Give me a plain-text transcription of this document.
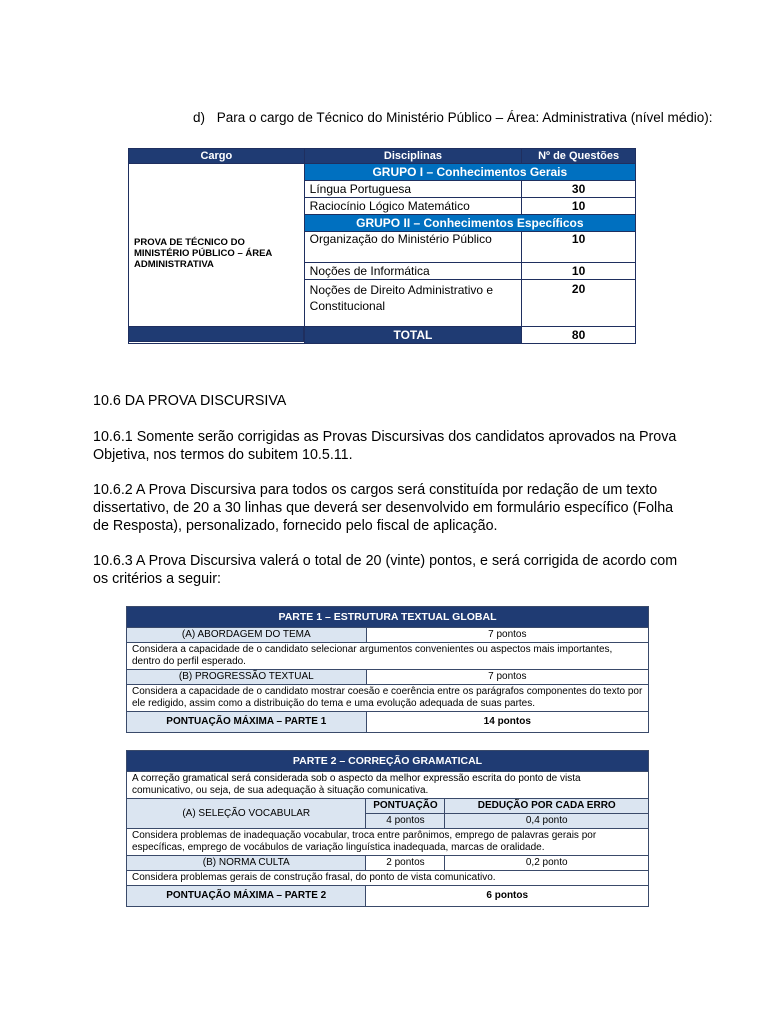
d) Para o cargo de Técnico do Ministério Público – Área: Administrativa (nível médio):
Cargo	Disciplinas	Nº de Questões
PROVA DE TÉCNICO DO MINISTÉRIO PÚBLICO – ÁREA ADMINISTRATIVA	GRUPO I – Conhecimentos Gerais	
	Língua Portuguesa	30
	Raciocínio Lógico Matemático	10
	GRUPO II – Conhecimentos Específicos	
	Organização do Ministério Público	10
	Noções de Informática	10
	Noções de Direito Administrativo e Constitucional	20
	TOTAL	80
10.6 DA PROVA DISCURSIVA
10.6.1 Somente serão corrigidas as Provas Discursivas dos candidatos aprovados na Prova Objetiva, nos termos do subitem 10.5.11.
10.6.2 A Prova Discursiva para todos os cargos será constituída por redação de um texto dissertativo, de 20 a 30 linhas que deverá ser desenvolvido em formulário específico (Folha de Resposta), personalizado, fornecido pelo fiscal de aplicação.
10.6.3 A Prova Discursiva valerá o total de 20 (vinte) pontos, e será corrigida de acordo com os critérios a seguir:
PARTE 1 – ESTRUTURA TEXTUAL GLOBAL	
(A) ABORDAGEM DO TEMA	7 pontos
Considera a capacidade de o candidato selecionar argumentos convenientes ou aspectos mais importantes, dentro do perfil esperado.	
(B) PROGRESSÃO TEXTUAL	7 pontos
Considera a capacidade de o candidato mostrar coesão e coerência entre os parágrafos componentes do texto por ele redigido, assim como a distribuição do tema e uma evolução adequada de suas partes.	
PONTUAÇÃO MÁXIMA – PARTE 1	14 pontos
PARTE 2 – CORREÇÃO GRAMATICAL		
A correção gramatical será considerada sob o aspecto da melhor expressão escrita do ponto de vista comunicativo, ou seja, de sua adequação à situação comunicativa.		
(A) SELEÇÃO VOCABULAR	PONTUAÇÃO	DEDUÇÃO POR CADA ERRO
	4 pontos	0,4 ponto
Considera problemas de inadequação vocabular, troca entre parônimos, emprego de palavras gerais por específicas, emprego de vocábulos de variação linguística inadequada, marcas de oralidade.		
(B) NORMA CULTA	2 pontos	0,2 ponto
Considera problemas gerais de construção frasal, do ponto de vista comunicativo.		
PONTUAÇÃO MÁXIMA – PARTE 2	6 pontos	
